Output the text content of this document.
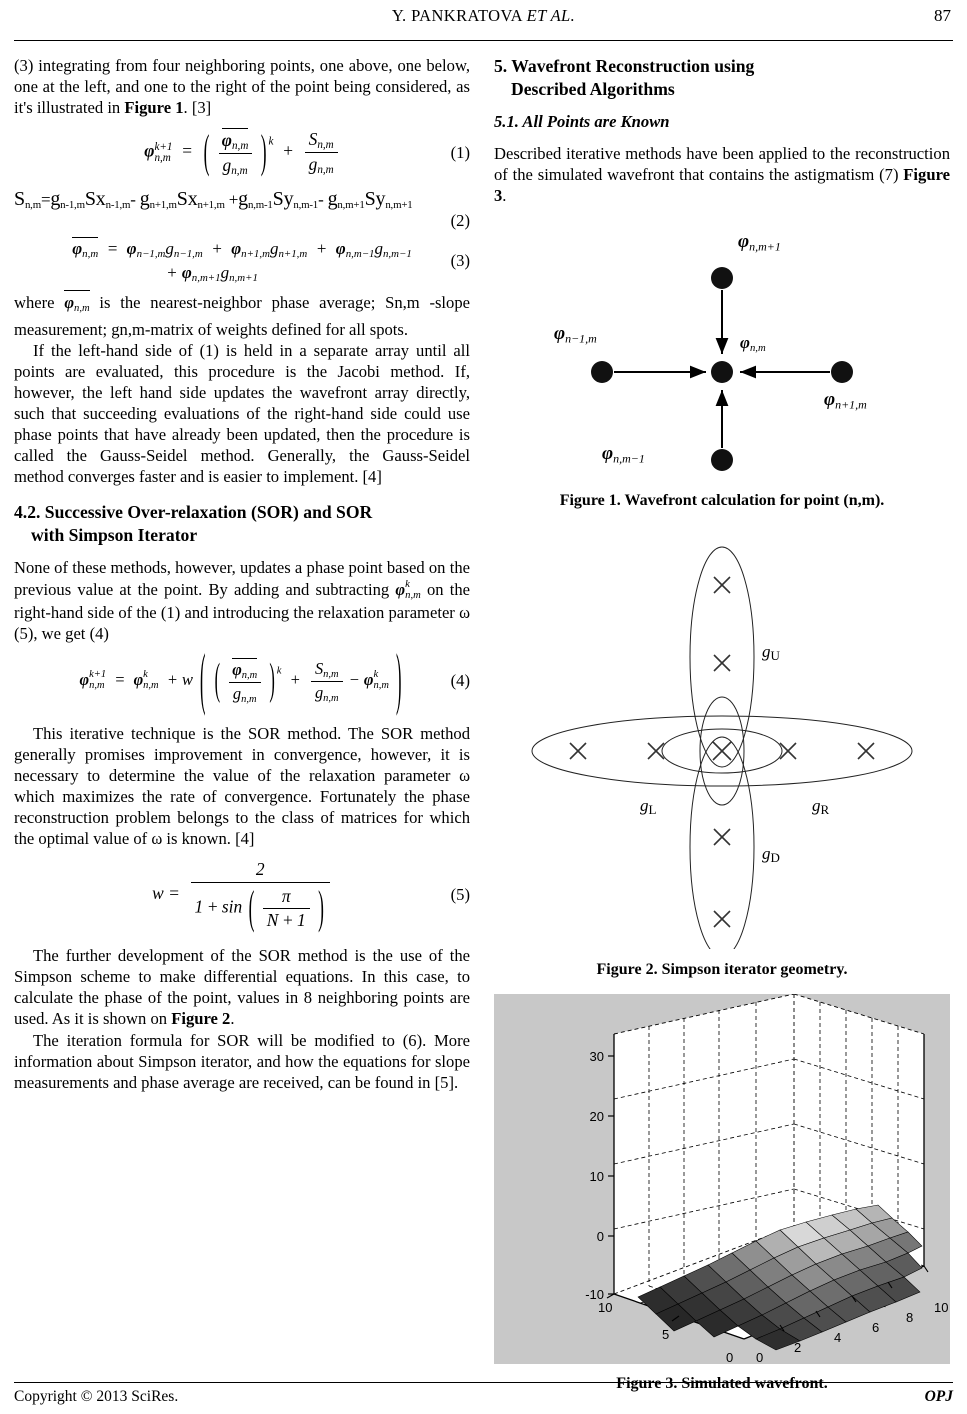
Y. PANKRATOVA ET AL.	87

(3) integrating from four neighboring points, one above, one below, one at the left, and one to the right of the point being considered, as it's illustrated in Figure 1. [3]

φ k+1
n,m =  ( $\frac{\varphi_{n,m}}{g_{n,m}}$ ) $^k + \frac{S_{n,m}}{g_{n,m}}$	(1)
$S_{n,m}=g_{n-1,m}Sx_{n-1,m}-$ $g_{n+1,m}Sx_{n+1,m} +g_{n,m-1}Sy_{n,m-1}-$ $g_{n,m+1}Sy_{n,m+1}$
(2)
$\varphi_{n,m} = \varphi_{n-1,m}g_{n-1,m} + \varphi_{n+1,m}g_{n+1,m} + \varphi_{n,m-1}g_{n,m-1}$
+ $\varphi_{n,m+1}g_{n,m+1}$
(3)

where $\varphi_{n,m}$ is the nearest-neighbor phase average; Sn,m -slope measurement; gn,m-matrix of weights defined for all spots.

If the left-hand side of (1) is held in a separate array until all points are evaluated, this procedure is the Jacobi method. If, however, the left hand side updates the wavefront array directly, such that succeeding evaluations of the right-hand side could use phase points that have already been updated, then the procedure is called the Gauss-Seidel method. Generally, the Gauss-Seidel method converges faster and is easier to implement. [4]

4.2. Successive Over-relaxation (SOR) and SOR
with Simpson Iterator

None of these methods, however, updates a phase point based on the previous value at the point. By adding and subtracting φ k
n,m on the right-hand side of the (1) and introducing the relaxation parameter ω (5), we get (4)

φ k+1
n,m =  φ k
n,m + w ( ( $\frac{\varphi_{n,m}}{g_{n,m}}$ ) $^k + \frac{S_{n,m}}{g_{n,m}} - \varphi$ k
n,m )	(4)

This iterative technique is the SOR method. The SOR method generally promises improvement in convergence, however, it is necessary to determine the value of the relaxation parameter ω which maximizes the rate of convergence. Fortunately the phase reconstruction problem belongs to the class of matrices for which the optimal value of ω is known. [4]

w =
2
1 + sin ( $\frac{\pi}{N + 1}$ )	(5)

The further development of the SOR method is the use of the Simpson scheme to make differential equations. In this case, to calculate the phase of the point, values in 8 neighboring points are used. As it is shown on Figure 2.

The iteration formula for SOR will be modified to (6). More information about Simpson iterator, and how the equations for slope measurements and phase average are received, can be found in [5].

5. Wavefront Reconstruction using
Described Algorithms
5.1. All Points are Known

Described iterative methods have been applied to the reconstruction of the simulated wavefront that contains the astigmatism (7) Figure 3.

φn,m+1
φn−1,m	φn,m
φn+1,m
φn,m−1
Figure 1. Wavefront calculation for point (n,m).
gU
gL	gR
gD
Figure 2. Simpson iterator geometry.
30
20
10
0
-10
10
5
0 0
2
4
6
8
10
Figure 3. Simulated wavefront.
Copyright © 2013 SciRes.	OPJ
